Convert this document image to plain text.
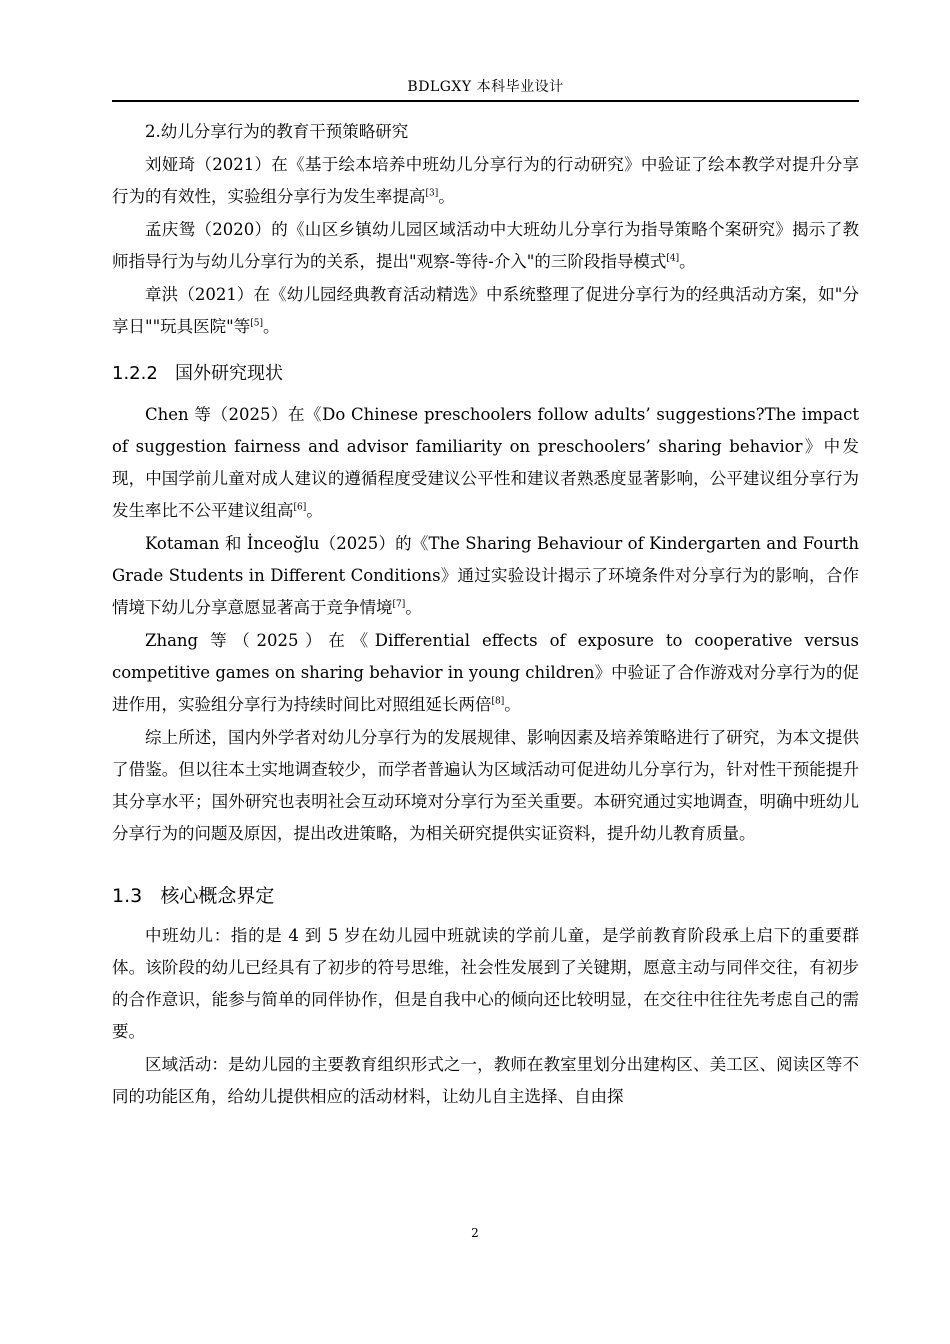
BDLGXY 本科毕业设计

2.幼儿分享行为的教育干预策略研究

刘娅琦（2021）在《基于绘本培养中班幼儿分享行为的行动研究》中验证了绘本教学对提升分享行为的有效性，实验组分享行为发生率提高[3]。

孟庆鸳（2020）的《山区乡镇幼儿园区域活动中大班幼儿分享行为指导策略个案研究》揭示了教师指导行为与幼儿分享行为的关系，提出"观察-等待-介入"的三阶段指导模式[4]。

章洪（2021）在《幼儿园经典教育活动精选》中系统整理了促进分享行为的经典活动方案，如"分享日""玩具医院"等[5]。

1.2.2 国外研究现状

Chen 等（2025）在《Do Chinese preschoolers follow adults’ suggestions?The impact of suggestion fairness and advisor familiarity on preschoolers’ sharing behavior》中发现，中国学前儿童对成人建议的遵循程度受建议公平性和建议者熟悉度显著影响，公平建议组分享行为发生率比不公平建议组高[6]。

Kotaman 和 İnceoğlu（2025）的《The Sharing Behaviour of Kindergarten and Fourth Grade Students in Different Conditions》通过实验设计揭示了环境条件对分享行为的影响，合作情境下幼儿分享意愿显著高于竞争情境[7]。

Zhang 等（2025）在《Differential effects of exposure to cooperative versus competitive games on sharing behavior in young children》中验证了合作游戏对分享行为的促进作用，实验组分享行为持续时间比对照组延长两倍[8]。

综上所述，国内外学者对幼儿分享行为的发展规律、影响因素及培养策略进行了研究，为本文提供了借鉴。但以往本土实地调查较少，而学者普遍认为区域活动可促进幼儿分享行为，针对性干预能提升其分享水平；国外研究也表明社会互动环境对分享行为至关重要。本研究通过实地调查，明确中班幼儿分享行为的问题及原因，提出改进策略，为相关研究提供实证资料，提升幼儿教育质量。

1.3 核心概念界定

中班幼儿：指的是 4 到 5 岁在幼儿园中班就读的学前儿童，是学前教育阶段承上启下的重要群体。该阶段的幼儿已经具有了初步的符号思维，社会性发展到了关键期，愿意主动与同伴交往，有初步的合作意识，能参与简单的同伴协作，但是自我中心的倾向还比较明显，在交往中往往先考虑自己的需要。

区域活动：是幼儿园的主要教育组织形式之一，教师在教室里划分出建构区、美工区、阅读区等不同的功能区角，给幼儿提供相应的活动材料，让幼儿自主选择、自由探

2
